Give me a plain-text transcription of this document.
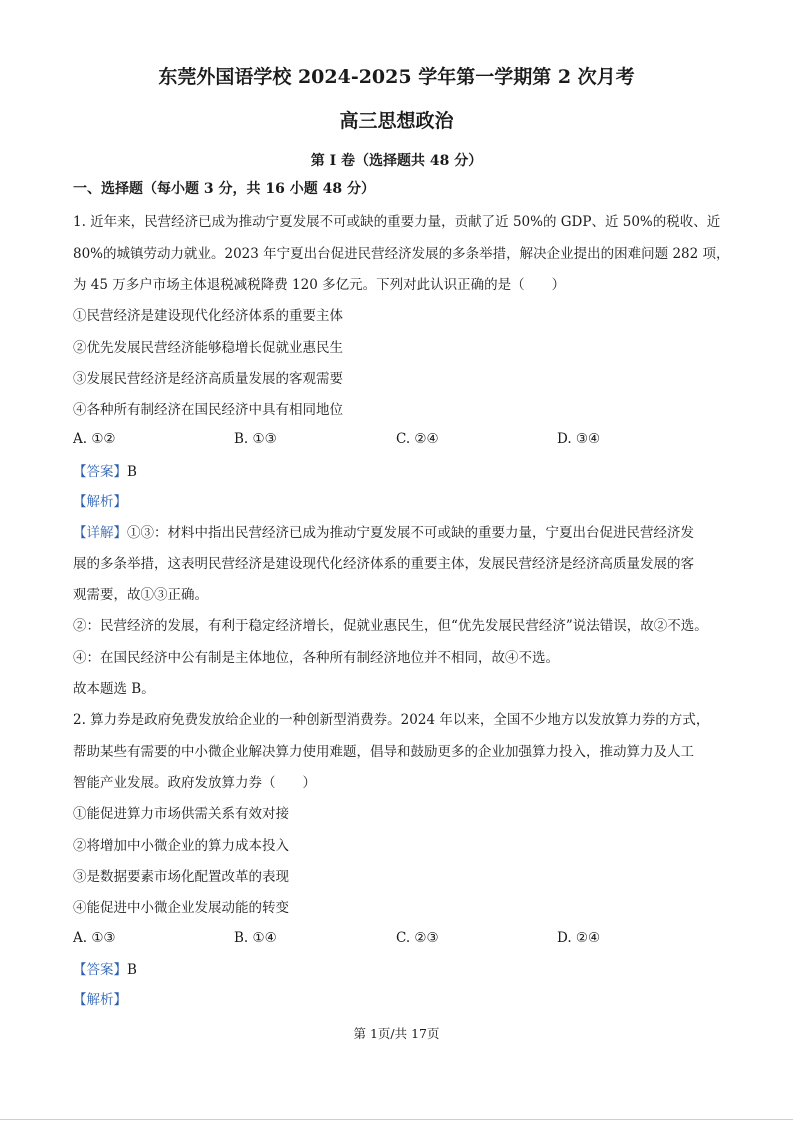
东莞外国语学校 2024-2025 学年第一学期第 2 次月考
高三思想政治
第 I 卷（选择题共 48 分）
一、选择题（每小题 3 分，共 16 小题 48 分）
1. 近年来，民营经济已成为推动宁夏发展不可或缺的重要力量，贡献了近 50%的 GDP、近 50%的税收、近
80%的城镇劳动力就业。2023 年宁夏出台促进民营经济发展的多条举措，解决企业提出的困难问题 282 项，
为 45 万多户市场主体退税减税降费 120 多亿元。下列对此认识正确的是（　　）
①民营经济是建设现代化经济体系的重要主体
②优先发展民营经济能够稳增长促就业惠民生
③发展民营经济是经济高质量发展的客观需要
④各种所有制经济在国民经济中具有相同地位
A. ①②	B. ①③	C. ②④	D. ③④
【答案】B
【解析】
【详解】①③：材料中指出民营经济已成为推动宁夏发展不可或缺的重要力量，宁夏出台促进民营经济发
展的多条举措，这表明民营经济是建设现代化经济体系的重要主体，发展民营经济是经济高质量发展的客
观需要，故①③正确。
②：民营经济的发展，有利于稳定经济增长，促就业惠民生，但“优先发展民营经济”说法错误，故②不选。
④：在国民经济中公有制是主体地位，各种所有制经济地位并不相同，故④不选。
故本题选 B。
2. 算力券是政府免费发放给企业的一种创新型消费券。2024 年以来，全国不少地方以发放算力券的方式，
帮助某些有需要的中小微企业解决算力使用难题，倡导和鼓励更多的企业加强算力投入，推动算力及人工
智能产业发展。政府发放算力券（　　）
①能促进算力市场供需关系有效对接
②将增加中小微企业的算力成本投入
③是数据要素市场化配置改革的表现
④能促进中小微企业发展动能的转变
A. ①③	B. ①④	C. ②③	D. ②④
【答案】B
【解析】
第 1页/共 17页
